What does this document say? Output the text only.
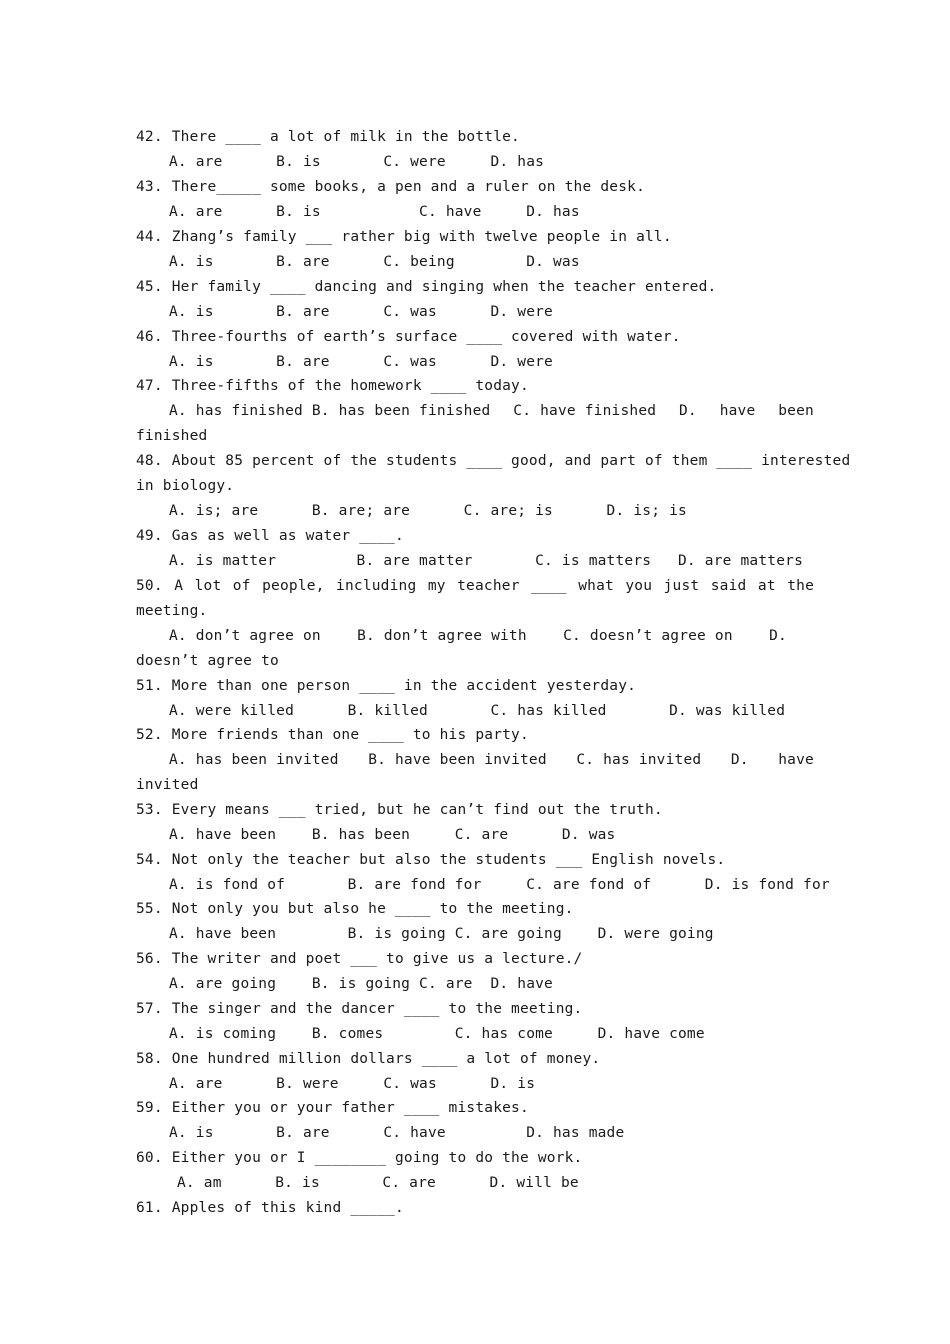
42. There ____ a lot of milk in the bottle.
A. are      B. is       C. were     D. has
43. There_____ some books, a pen and a ruler on the desk.
A. are      B. is           C. have     D. has
44. Zhang’s family ___ rather big with twelve people in all.
A. is       B. are      C. being        D. was
45. Her family ____ dancing and singing when the teacher entered.
A. is       B. are      C. was      D. were
46. Three-fourths of earth’s surface ____ covered with water.
A. is       B. are      C. was      D. were
47. Three-fifths of the homework ____ today.
A. has finished B. has been finished C. have finished D. have been
finished
48. About 85 percent of the students ____ good, and part of them ____ interested
in biology.
A. is; are      B. are; are      C. are; is      D. is; is
49. Gas as well as water ____.
A. is matter         B. are matter       C. is matters   D. are matters
50. A lot of people, including my teacher ____ what you just said at the
meeting.
A. don’t agree on	B. don’t agree with	C. doesn’t agree on	D.
doesn’t agree to
51. More than one person ____ in the accident yesterday.
A. were killed      B. killed       C. has killed       D. was killed
52. More friends than one ____ to his party.
A. has been invited B. have been invited C. has invited D. have
invited
53. Every means ___ tried, but he can’t find out the truth.
A. have been    B. has been     C. are      D. was
54. Not only the teacher but also the students ___ English novels.
A. is fond of       B. are fond for     C. are fond of      D. is fond for
55. Not only you but also he ____ to the meeting.
A. have been        B. is going C. are going    D. were going
56. The writer and poet ___ to give us a lecture./
A. are going    B. is going C. are  D. have
57. The singer and the dancer ____ to the meeting.
A. is coming    B. comes        C. has come     D. have come
58. One hundred million dollars ____ a lot of money.
A. are      B. were     C. was      D. is
59. Either you or your father ____ mistakes.
A. is       B. are      C. have         D. has made
60. Either you or I ________ going to do the work.
A. am      B. is       C. are      D. will be
61. Apples of this kind _____.
